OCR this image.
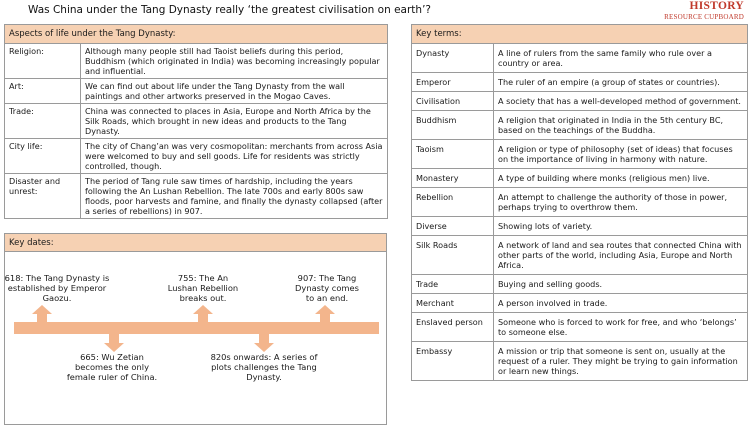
Was China under the Tang Dynasty really ‘the greatest civilisation on earth’?	HISTORY
RESOURCE CUPBOARD
Aspects of life under the Tang Dynasty:	
Religion:	Although many people still had Taoist beliefs during this period, Buddhism (which originated in India) was becoming increasingly popular and influential.
Art:	We can find out about life under the Tang Dynasty from the wall paintings and other artworks preserved in the Mogao Caves.
Trade:	China was connected to places in Asia, Europe and North Africa by the Silk Roads, which brought in new ideas and products to the Tang Dynasty.
City life:	The city of Chang’an was very cosmopolitan: merchants from across Asia were welcomed to buy and sell goods. Life for residents was strictly controlled, though.
Disaster and unrest:	The period of Tang rule saw times of hardship, including the years following the An Lushan Rebellion. The late 700s and early 800s saw floods, poor harvests and famine, and finally the dynasty collapsed (after a series of rebellions) in 907.
Key dates:
618: The Tang Dynasty is established by Emperor Gaozu.
755: The An Lushan Rebellion breaks out.
907: The Tang Dynasty comes to an end.
665: Wu Zetian becomes the only female ruler of China.
820s onwards: A series of plots challenges the Tang Dynasty.
Key terms:	
Dynasty	A line of rulers from the same family who rule over a country or area.
Emperor	The ruler of an empire (a group of states or countries).
Civilisation	A society that has a well-developed method of government.
Buddhism	A religion that originated in India in the 5th century BC, based on the teachings of the Buddha.
Taoism	A religion or type of philosophy (set of ideas) that focuses on the importance of living in harmony with nature.
Monastery	A type of building where monks (religious men) live.
Rebellion	An attempt to challenge the authority of those in power, perhaps trying to overthrow them.
Diverse	Showing lots of variety.
Silk Roads	A network of land and sea routes that connected China with other parts of the world, including Asia, Europe and North Africa.
Trade	Buying and selling goods.
Merchant	A person involved in trade.
Enslaved person	Someone who is forced to work for free, and who ‘belongs’ to someone else.
Embassy	A mission or trip that someone is sent on, usually at the request of a ruler. They might be trying to gain information or learn new things.
